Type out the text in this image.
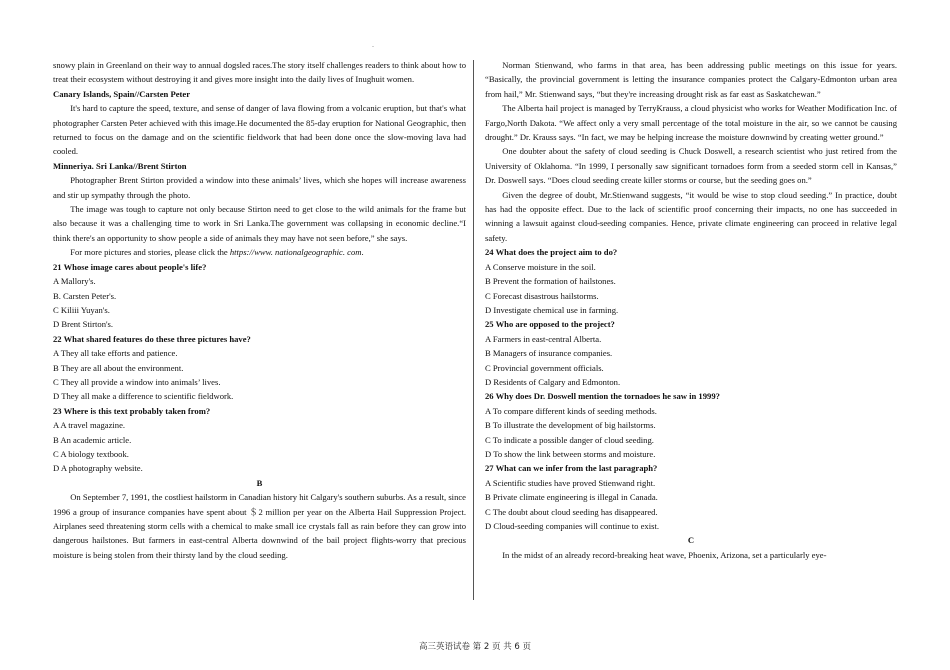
.

snowy plain in Greenland on their way to annual dogsled races.The story itself challenges readers to think about how to treat their ecosystem without destroying it and gives more insight into the daily lives of Inughuit women.

Canary Islands, Spain//Carsten Peter

It's hard to capture the speed, texture, and sense of danger of lava flowing from a volcanic eruption, but that's what photographer Carsten Peter achieved with this image.He documented the 85-day eruption for National Geographic, then returned to focus on the damage and on the scientific fieldwork that had been done once the slow-moving lava had cooled.

Minneriya. Sri Lanka//Brent Stirton

Photographer Brent Stirton provided a window into these animals’ lives, which she hopes will increase awareness and stir up sympathy through the photo.

The image was tough to capture not only because Stirton need to get close to the wild animals for the frame but also because it was a challenging time to work in Sri Lanka.The government was collapsing in economic decline.“I think there's an opportunity to show people a side of animals they may have not seen before,” she says.

For more pictures and stories, please click the https://www. nationalgeographic. com.

21 Whose image cares about people's life?

A Mallory's.

B. Carsten Peter's.

C Kiliii Yuyan's.

D Brent Stirton's.

22 What shared features do these three pictures have?

A They all take efforts and patience.

B They are all about the environment.

C They all provide a window into animals’ lives.

D They all make a difference to scientific fieldwork.

23 Where is this text probably taken from?

A A travel magazine.

B An academic article.

C A biology textbook.

D A photography website.

B

On September 7, 1991, the costliest hailstorm in Canadian history hit Calgary's southern suburbs. As a result, since 1996 a group of insurance companies have spent about ＄2 million per year on the Alberta Hail Suppression Project. Airplanes seed threatening storm cells with a chemical to make small ice crystals fall as rain before they can grow into dangerous hailstones. But farmers in east-central Alberta downwind of the bail project flights-worry that precious moisture is being stolen from their thirsty land by the cloud seeding.

Norman Stienwand, who farms in that area, has been addressing public meetings on this issue for years. “Basically, the provincial government is letting the insurance companies protect the Calgary-Edmonton urban area from hail,” Mr. Stienwand says, “but they're increasing drought risk as far east as Saskatchewan.”

The Alberta hail project is managed by TerryKrauss, a cloud physicist who works for Weather Modification Inc. of Fargo,North Dakota. “We affect only a very small percentage of the total moisture in the air, so we cannot be causing drought.” Dr. Krauss says. “In fact, we may be helping increase the moisture downwind by creating wetter ground.”

One doubter about the safety of cloud seeding is Chuck Doswell, a research scientist who just retired from the University of Oklahoma. “In 1999, I personally saw significant tornadoes form from a seeded storm cell in Kansas,” Dr. Doswell says. “Does cloud seeding create killer storms or course, but the seeding goes on.”

Given the degree of doubt, Mr.Stienwand suggests, “it would be wise to stop cloud seeding.” In practice, doubt has had the opposite effect. Due to the lack of scientific proof concerning their impacts, no one has succeeded in winning a lawsuit against cloud-seeding companies. Hence, private climate engineering can proceed in relative legal safety.

24 What does the project aim to do?

A Conserve moisture in the soil.

B Prevent the formation of hailstones.

C Forecast disastrous hailstorms.

D Investigate chemical use in farming.

25 Who are opposed to the project?

A Farmers in east-central Alberta.

B Managers of insurance companies.

C Provincial government officials.

D Residents of Calgary and Edmonton.

26 Why does Dr. Doswell mention the tornadoes he saw in 1999?

A To compare different kinds of seeding methods.

B To illustrate the development of big hailstorms.

C To indicate a possible danger of cloud seeding.

D To show the link between storms and moisture.

27 What can we infer from the last paragraph?

A Scientific studies have proved Stienwand right.

B Private climate engineering is illegal in Canada.

C The doubt about cloud seeding has disappeared.

D Cloud-seeding companies will continue to exist.

C

In the midst of an already record-breaking heat wave, Phoenix, Arizona, set a particularly eye-

高三英语试卷 第 2 页 共 6 页
